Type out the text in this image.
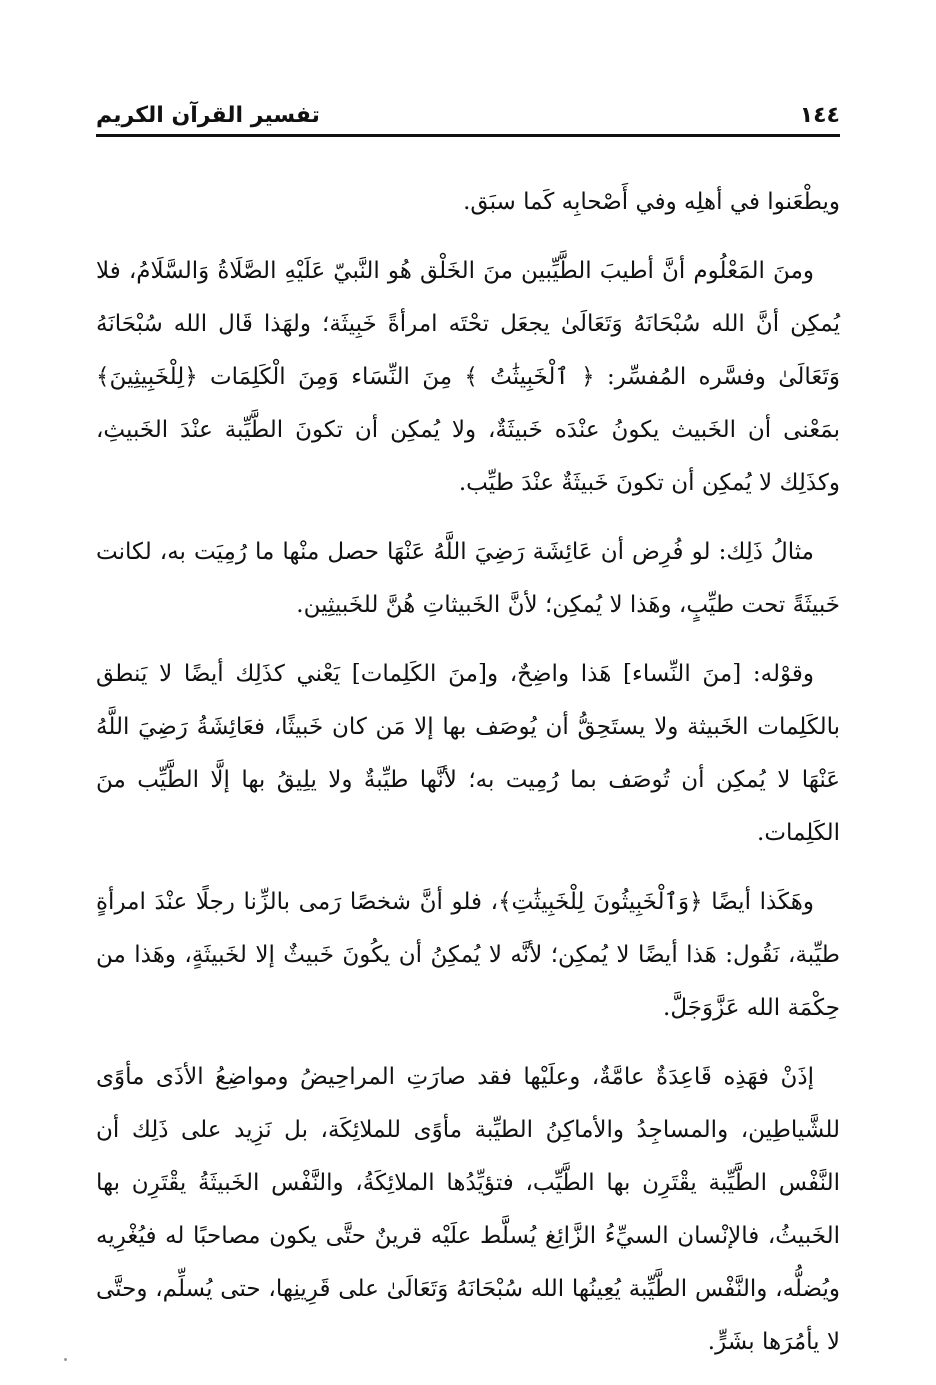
١٤٤
تفسير القرآن الكريم

ويطْعَنوا في أهلِه وفي أَصْحابِه كَما سبَق.

ومنَ المَعْلُوم أنَّ أطيبَ الطَّيِّبين منَ الخَلْق هُو النَّبيّ عَلَيْهِ الصَّلَاةُ وَالسَّلَامُ، فلا يُمكِن أنَّ الله سُبْحَانَهُ وَتَعَالَىٰ يجعَل تحْتَه امرأةً خَبِيثَة؛ ولهَذا قَال الله سُبْحَانَهُ وَتَعَالَىٰ وفسَّره المُفسِّر: ﴿ ٱلْخَبِيثَٰتُ ﴾ مِنَ النِّسَاء وَمِنَ الْكَلِمَات ﴿لِلْخَبِيثِينَ﴾ بمَعْنى أن الخَبيث يكونُ عنْدَه خَبيثَةٌ، ولا يُمكِن أن تكونَ الطَّيِّبة عنْدَ الخَبيثِ، وكذَلِك لا يُمكِن أن تكونَ خَبيثَةٌ عنْدَ طيِّب.

مثالُ ذَلِك: لو فُرِض أن عَائِشَة رَضِيَ اللَّهُ عَنْهَا حصل منْها ما رُمِيَت به، لكانت خَبيثَةً تحت طيِّبٍ، وهَذا لا يُمكِن؛ لأنَّ الخَبيثاتِ هُنَّ للخَبيثِين.

وقوْله: [منَ النِّساء] هَذا واضِحٌ، و[منَ الكَلِمات] يَعْني كذَلِك أيضًا لا يَنطق بالكَلِمات الخَبيثة ولا يستَحِقُّ أن يُوصَف بها إلا مَن كان خَبيثًا، فعَائِشَةُ رَضِيَ اللَّهُ عَنْهَا لا يُمكِن أن تُوصَف بما رُمِيت به؛ لأنَّها طيِّبةٌ ولا يلِيقُ بها إلَّا الطَّيِّب منَ الكَلِمات.

وهَكَذا أيضًا ﴿وَٱلْخَبِيثُونَ لِلْخَبِيثَٰتِ﴾، فلو أنَّ شخصًا رَمى بالزِّنا رجلًا عنْدَ امرأةٍ طيِّبة، نَقُول: هَذا أيضًا لا يُمكِن؛ لأنَّه لا يُمكِنُ أن يكُونَ خَبيثٌ إلا لخَبيثَةٍ، وهَذا من حِكْمَة الله عَزَّوَجَلَّ.

إذَنْ فهَذِه قَاعِدَةٌ عامَّةٌ، وعلَيْها فقد صارَتِ المراحِيضُ ومواضِعُ الأذَى مأوًى للشَّياطِين، والمساجِدُ والأماكِنُ الطيِّبة مأوًى للملائِكَة، بل نَزِيد على ذَلِك أن النَّفْس الطَّيِّبة يقْتَرِن بها الطَّيِّب، فتؤيِّدُها الملائِكَةُ، والنَّفْس الخَبيثَةُ يقْتَرِن بها الخَبيثُ، فالإنْسان السيِّءُ الزَّائِغ يُسلَّط علَيْه قرينٌ حتَّى يكون مصاحبًا له فيُغْرِيه ويُضلُّه، والنَّفْس الطَّيِّبة يُعِينُها الله سُبْحَانَهُ وَتَعَالَىٰ على قَرِينِها، حتى يُسلِّم، وحتَّى لا يأمُرَها بشَرٍّ.
